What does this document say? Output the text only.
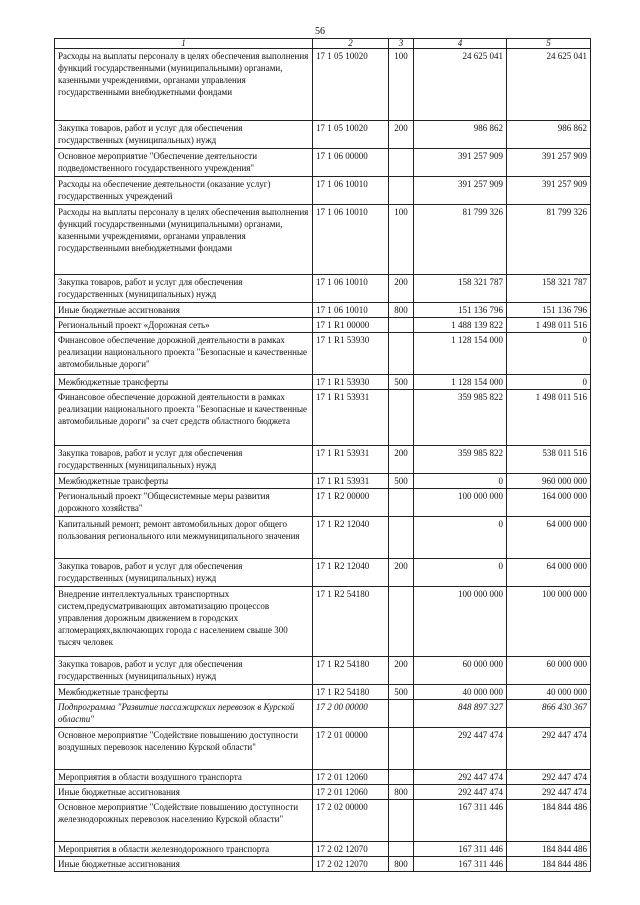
56
1	2	3	4	5
Расходы на выплаты персоналу в целях обеспечения выполнения функций государственными (муниципальными) органами, казенными учреждениями, органами управления государственными внебюджетными фондами	17 1 05 10020	100	24 625 041	24 625 041
Закупка товаров, работ и услуг для обеспечения государственных (муниципальных) нужд	17 1 05 10020	200	986 862	986 862
Основное мероприятие "Обеспечение деятельности подведомственного государственного учреждения"	17 1 06 00000		391 257 909	391 257 909
Расходы на обеспечение деятельности (оказание услуг) государственных учреждений	17 1 06 10010		391 257 909	391 257 909
Расходы на выплаты персоналу в целях обеспечения выполнения функций государственными (муниципальными) органами, казенными учреждениями, органами управления государственными внебюджетными фондами	17 1 06 10010	100	81 799 326	81 799 326
Закупка товаров, работ и услуг для обеспечения государственных (муниципальных) нужд	17 1 06 10010	200	158 321 787	158 321 787
Иные бюджетные ассигнования	17 1 06 10010	800	151 136 796	151 136 796
Региональный проект «Дорожная сеть»	17 1 R1 00000		1 488 139 822	1 498 011 516
Финансовое обеспечение дорожной деятельности в рамках реализации национального проекта "Безопасные и качественные автомобильные дороги"	17 1 R1 53930		1 128 154 000	0
Межбюджетные трансферты	17 1 R1 53930	500	1 128 154 000	0
Финансовое обеспечение дорожной деятельности в рамках реализации национального проекта "Безопасные и качественные автомобильные дороги" за счет средств областного бюджета	17 1 R1 53931		359 985 822	1 498 011 516
Закупка товаров, работ и услуг для обеспечения государственных (муниципальных) нужд	17 1 R1 53931	200	359 985 822	538 011 516
Межбюджетные трансферты	17 1 R1 53931	500	0	960 000 000
Региональный проект "Общесистемные меры развития дорожного хозяйства"	17 1 R2 00000		100 000 000	164 000 000
Капитальный ремонт, ремонт автомобильных дорог общего пользования регионального или межмуниципального значения	17 1 R2 12040		0	64 000 000
Закупка товаров, работ и услуг для обеспечения государственных (муниципальных) нужд	17 1 R2 12040	200	0	64 000 000
Внедрение интеллектуальных транспортных систем,предусматривающих автоматизацию процессов управления дорожным движением в городских агломерациях,включающих города с населением свыше 300 тысяч человек	17 1 R2 54180		100 000 000	100 000 000
Закупка товаров, работ и услуг для обеспечения государственных (муниципальных) нужд	17 1 R2 54180	200	60 000 000	60 000 000
Межбюджетные трансферты	17 1 R2 54180	500	40 000 000	40 000 000
Подпрограмма "Развитие пассажирских перевозок в Курской области"	17 2 00 00000		848 897 327	866 430 367
Основное мероприятие "Содействие повышению доступности воздушных перевозок населению Курской области"	17 2 01 00000		292 447 474	292 447 474
Мероприятия в области воздушного транспорта	17 2 01 12060		292 447 474	292 447 474
Иные бюджетные ассигнования	17 2 01 12060	800	292 447 474	292 447 474
Основное мероприятие "Содействие повышению доступности железнодорожных перевозок населению Курской области"	17 2 02 00000		167 311 446	184 844 486
Мероприятия в области железнодорожного транспорта	17 2 02 12070		167 311 446	184 844 486
Иные бюджетные ассигнования	17 2 02 12070	800	167 311 446	184 844 486
